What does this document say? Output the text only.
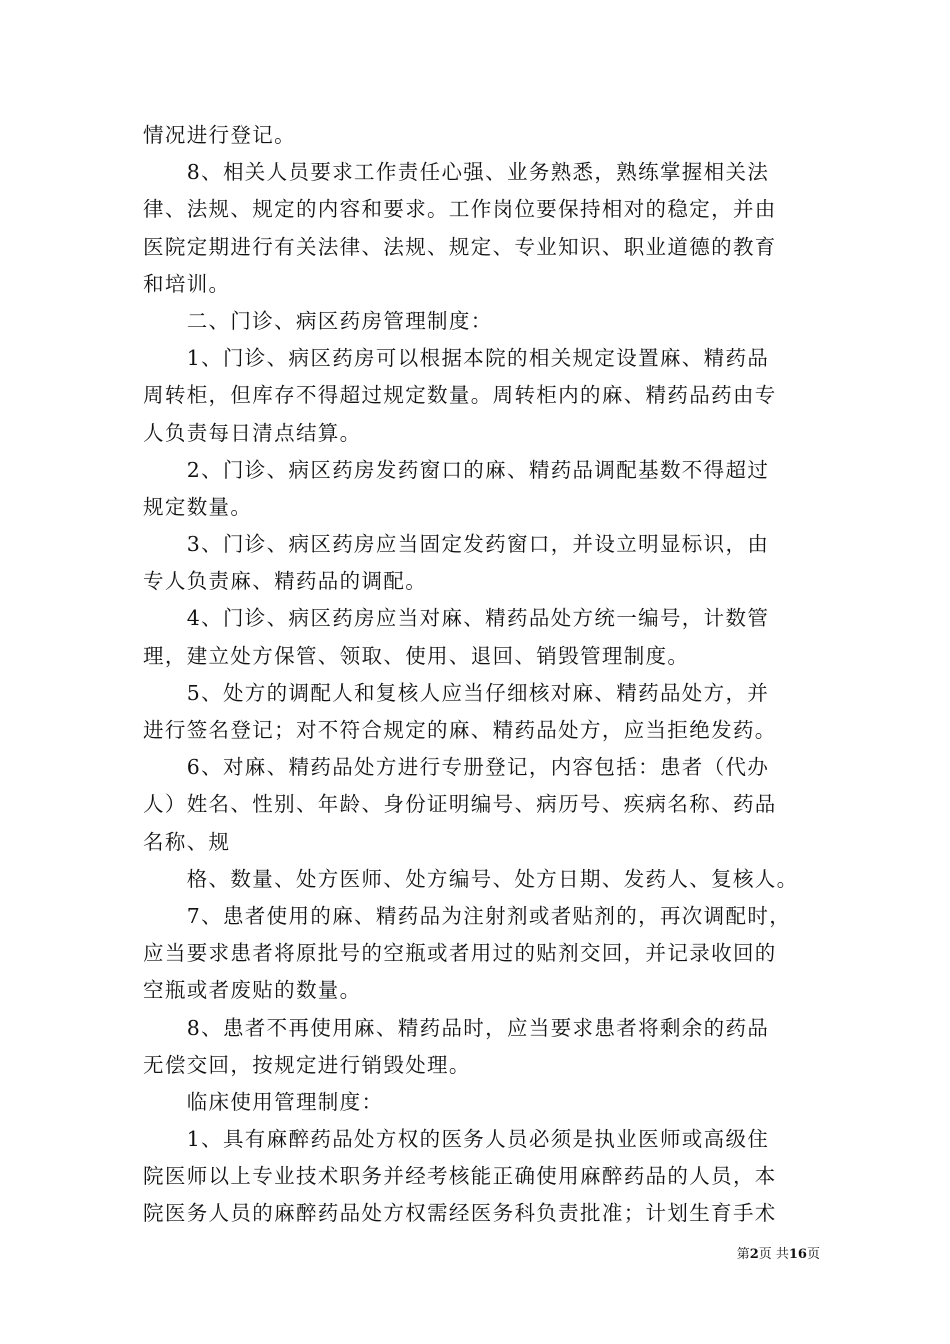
情况进行登记。
　　8、相关人员要求工作责任心强、业务熟悉，熟练掌握相关法
律、法规、规定的内容和要求。工作岗位要保持相对的稳定，并由
医院定期进行有关法律、法规、规定、专业知识、职业道德的教育
和培训。
　　二、门诊、病区药房管理制度：
　　1、门诊、病区药房可以根据本院的相关规定设置麻、精药品
周转柜，但库存不得超过规定数量。周转柜内的麻、精药品药由专
人负责每日清点结算。
　　2、门诊、病区药房发药窗口的麻、精药品调配基数不得超过
规定数量。
　　3、门诊、病区药房应当固定发药窗口，并设立明显标识，由
专人负责麻、精药品的调配。
　　4、门诊、病区药房应当对麻、精药品处方统一编号，计数管
理，建立处方保管、领取、使用、退回、销毁管理制度。
　　5、处方的调配人和复核人应当仔细核对麻、精药品处方，并
进行签名登记；对不符合规定的麻、精药品处方，应当拒绝发药。
　　6、对麻、精药品处方进行专册登记，内容包括：患者（代办
人）姓名、性别、年龄、身份证明编号、病历号、疾病名称、药品
名称、规
　　格、数量、处方医师、处方编号、处方日期、发药人、复核人。
　　7、患者使用的麻、精药品为注射剂或者贴剂的，再次调配时，
应当要求患者将原批号的空瓶或者用过的贴剂交回，并记录收回的
空瓶或者废贴的数量。
　　8、患者不再使用麻、精药品时，应当要求患者将剩余的药品
无偿交回，按规定进行销毁处理。
　　临床使用管理制度：
　　1、具有麻醉药品处方权的医务人员必须是执业医师或高级住
院医师以上专业技术职务并经考核能正确使用麻醉药品的人员，本
院医务人员的麻醉药品处方权需经医务科负责批准；计划生育手术
第2页 共16页
